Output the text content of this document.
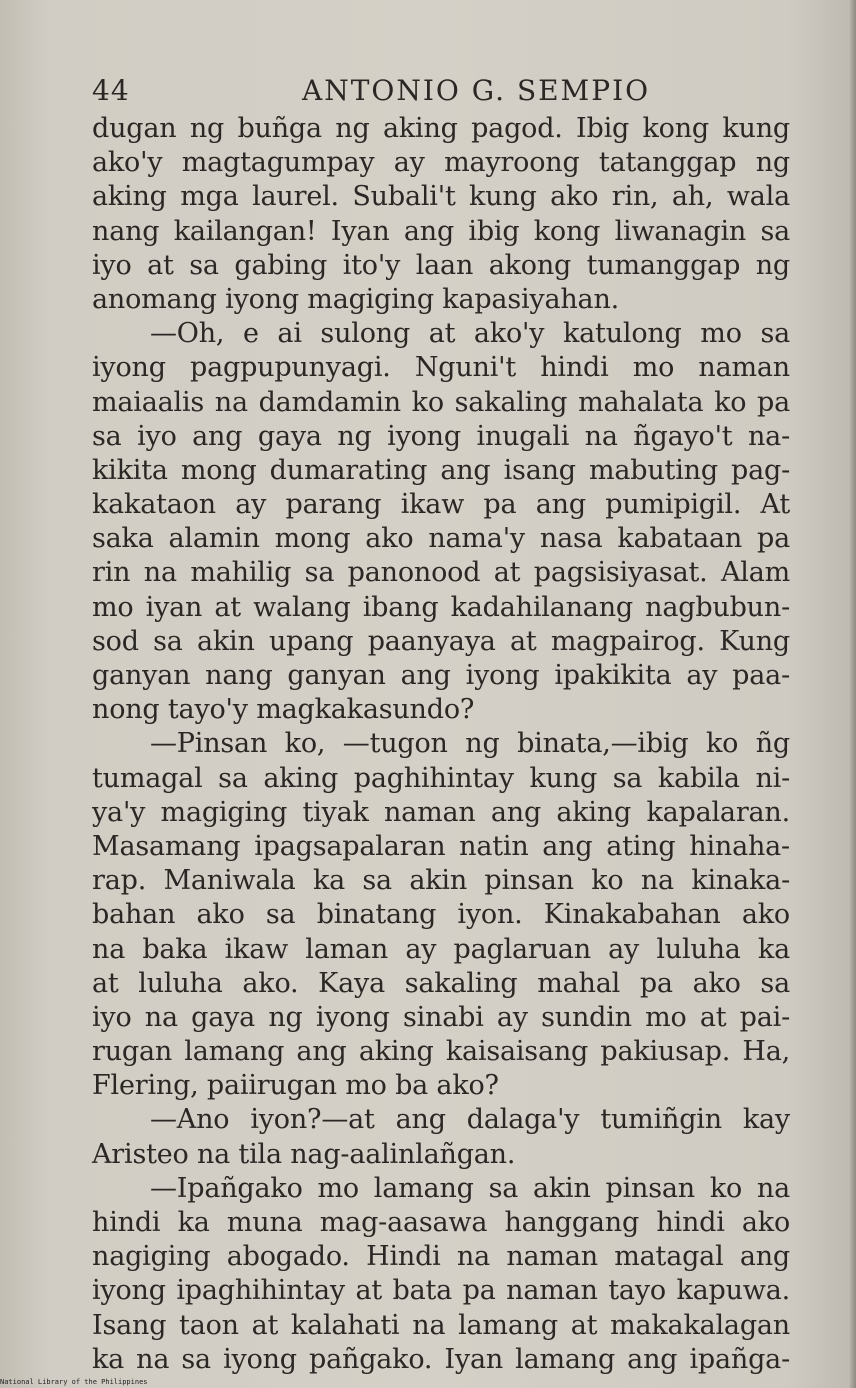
44	ANTONIO G. SEMPIO
dugan ng buñga ng aking pagod. Ibig kong kung
ako'y magtagumpay ay mayroong tatanggap ng
aking mga laurel. Subali't kung ako rin, ah, wala
nang kailangan! Iyan ang ibig kong liwanagin sa
iyo at sa gabing ito'y laan akong tumanggap ng
anomang iyong magiging kapasiyahan.
—Oh, e ai sulong at ako'y katulong mo sa
iyong pagpupunyagi. Nguni't hindi mo naman
maiaalis na damdamin ko sakaling mahalata ko pa
sa iyo ang gaya ng iyong inugali na ñgayo't na-
kikita mong dumarating ang isang mabuting pag-
kakataon ay parang ikaw pa ang pumipigil. At
saka alamin mong ako nama'y nasa kabataan pa
rin na mahilig sa panonood at pagsisiyasat. Alam
mo iyan at walang ibang kadahilanang nagbubun-
sod sa akin upang paanyaya at magpairog. Kung
ganyan nang ganyan ang iyong ipakikita ay paa-
nong tayo'y magkakasundo?
—Pinsan ko, —tugon ng binata,—ibig ko ñg
tumagal sa aking paghihintay kung sa kabila ni-
ya'y magiging tiyak naman ang aking kapalaran.
Masamang ipagsapalaran natin ang ating hinaha-
rap. Maniwala ka sa akin pinsan ko na kinaka-
bahan ako sa binatang iyon. Kinakabahan ako
na baka ikaw laman ay paglaruan ay luluha ka
at luluha ako. Kaya sakaling mahal pa ako sa
iyo na gaya ng iyong sinabi ay sundin mo at pai-
rugan lamang ang aking kaisaisang pakiusap. Ha,
Flering, paiirugan mo ba ako?
—Ano iyon?—at ang dalaga'y tumiñgin kay
Aristeo na tila nag-aalinlañgan.
—Ipañgako mo lamang sa akin pinsan ko na
hindi ka muna mag-aasawa hanggang hindi ako
nagiging abogado. Hindi na naman matagal ang
iyong ipaghihintay at bata pa naman tayo kapuwa.
Isang taon at kalahati na lamang at makakalagan
ka na sa iyong pañgako. Iyan lamang ang ipañga-
National Library of the Philippines
